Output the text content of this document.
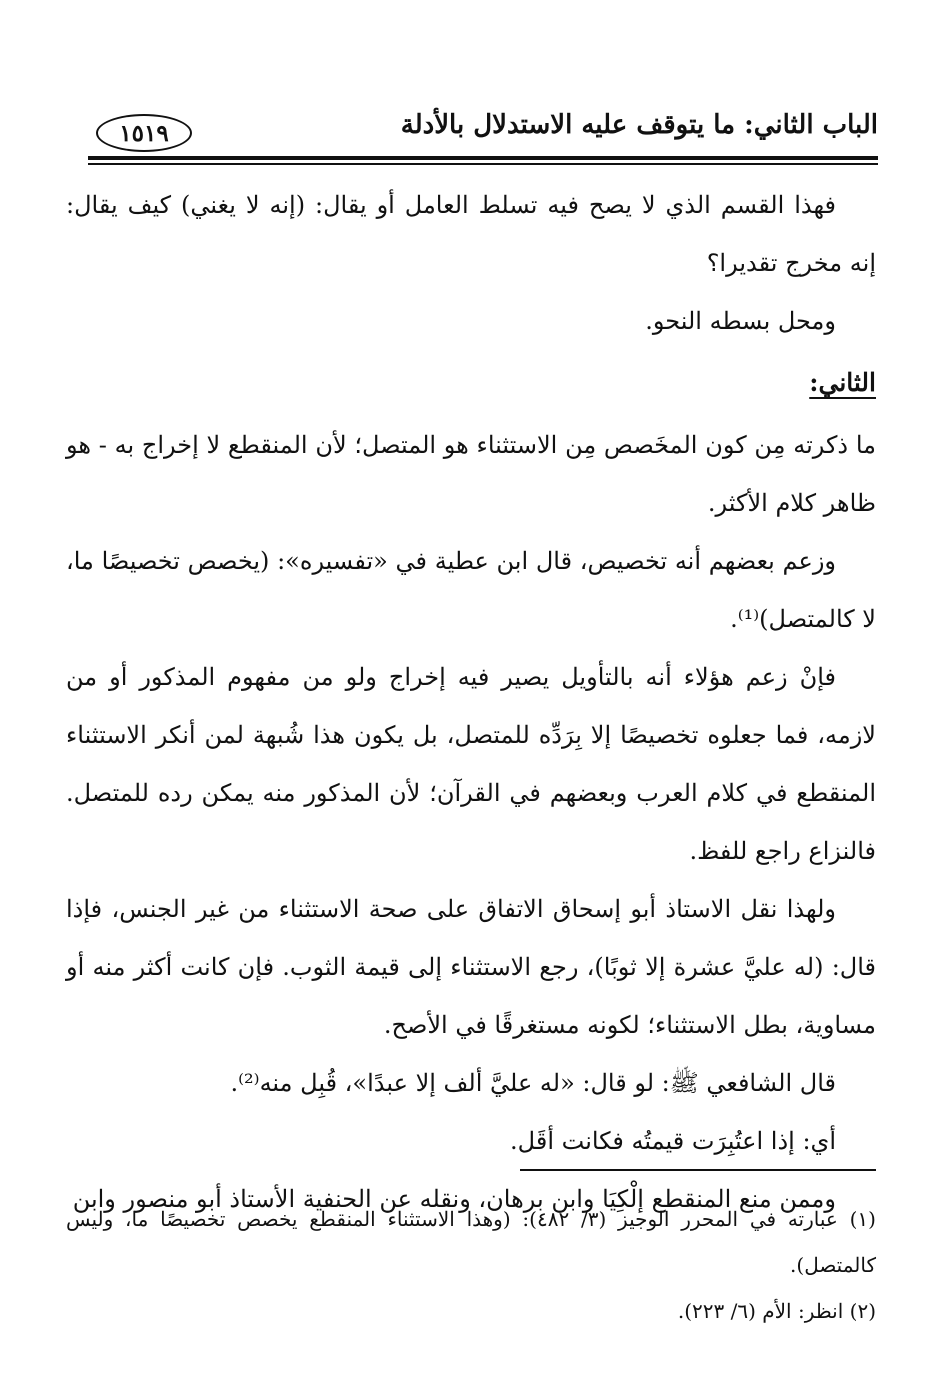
الباب الثاني: ما يتوقف عليه الاستدلال بالأدلة
١٥١٩

فهذا القسم الذي لا يصح فيه تسلط العامل أو يقال: (إنه لا يغني) كيف يقال: إنه مخرج تقديرا؟

ومحل بسطه النحو.

الثاني:

ما ذكرته مِن كون المخَصص مِن الاستثناء هو المتصل؛ لأن المنقطع لا إخراج به - هو ظاهر كلام الأكثر.

وزعم بعضهم أنه تخصيص، قال ابن عطية في «تفسيره»: (يخصص تخصيصًا ما، لا كالمتصل)⁽¹⁾.

فإنْ زعم هؤلاء أنه بالتأويل يصير فيه إخراج ولو من مفهوم المذكور أو من لازمه، فما جعلوه تخصيصًا إلا بِرَدِّه للمتصل، بل يكون هذا شُبهة لمن أنكر الاستثناء المنقطع في كلام العرب وبعضهم في القرآن؛ لأن المذكور منه يمكن رده للمتصل. فالنزاع راجع للفظ.

ولهذا نقل الاستاذ أبو إسحاق الاتفاق على صحة الاستثناء من غير الجنس، فإذا قال: (له عليَّ عشرة إلا ثوبًا)، رجع الاستثناء إلى قيمة الثوب. فإن كانت أكثر منه أو مساوية، بطل الاستثناء؛ لكونه مستغرقًا في الأصح.

قال الشافعي ﷺ: لو قال: «له عليَّ ألف إلا عبدًا»، قُبِل منه⁽²⁾.

أي: إذا اعتُبِرَت قيمتُه فكانت أقَل.

وممن منع المنقطع إلْكِيَا وابن برهان، ونقله عن الحنفية الأستاذ أبو منصور وابن

(١) عبارته في المحرر الوجيز (٣/ ٤٨٢): (وهذا الاستثناء المنقطع يخصص تخصيصًا ما، وليس كالمتصل).

(٢) انظر: الأم (٦/ ٢٢٣).
